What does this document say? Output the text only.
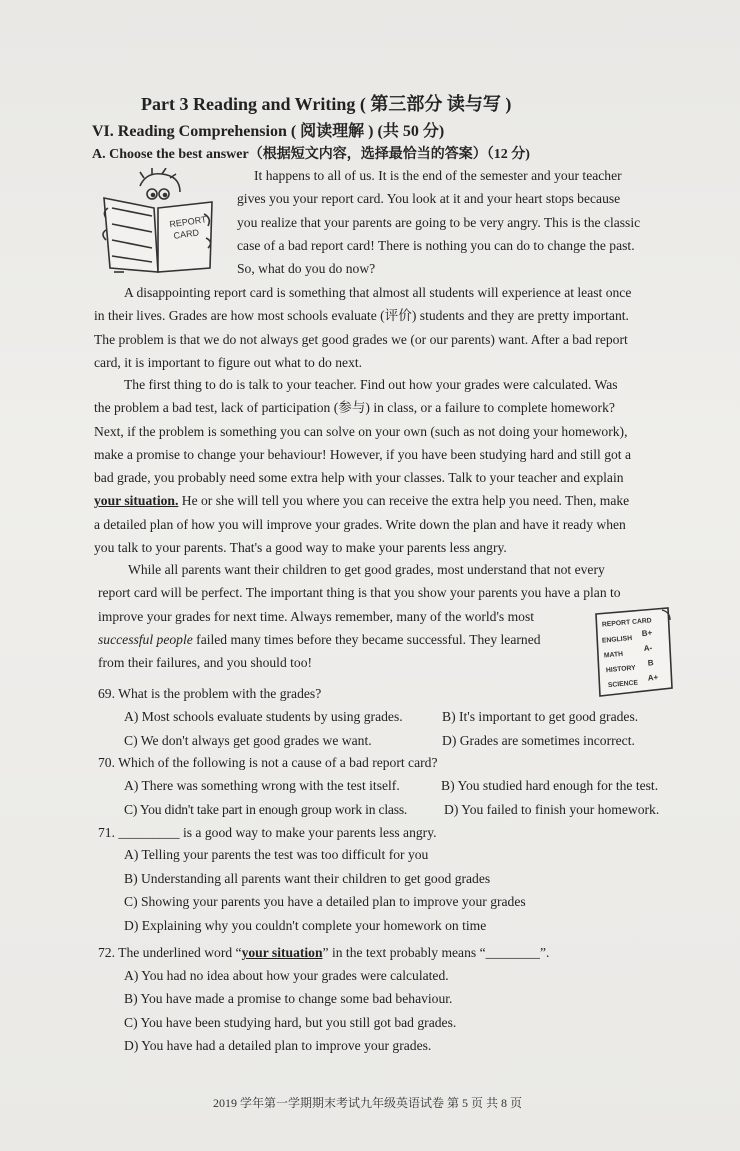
Part 3 Reading and Writing ( 第三部分 读与写 )
VI. Reading Comprehension ( 阅读理解 ) (共 50 分)
A. Choose the best answer（根据短文内容，选择最恰当的答案）（12 分)
REPORT
CARD
It happens to all of us. It is the end of the semester and your teacher
gives you your report card. You look at it and your heart stops because
you realize that your parents are going to be very angry. This is the classic
case of a bad report card! There is nothing you can do to change the past.
So, what do you do now?
A disappointing report card is something that almost all students will experience at least once
in their lives. Grades are how most schools evaluate (评价) students and they are pretty important.
The problem is that we do not always get good grades we (or our parents) want. After a bad report
card, it is important to figure out what to do next.
The first thing to do is talk to your teacher. Find out how your grades were calculated. Was
the problem a bad test, lack of participation (参与) in class, or a failure to complete homework?
Next, if the problem is something you can solve on your own (such as not doing your homework),
make a promise to change your behaviour! However, if you have been studying hard and still got a
bad grade, you probably need some extra help with your classes. Talk to your teacher and explain
your situation. He or she will tell you where you can receive the extra help you need. Then, make
a detailed plan of how you will improve your grades. Write down the plan and have it ready when
you talk to your parents. That's a good way to make your parents less angry.
While all parents want their children to get good grades, most understand that not every
report card will be perfect. The important thing is that you show your parents you have a plan to
improve your grades for next time. Always remember, many of the world's most
successful people failed many times before they became successful. They learned
from their failures, and you should too!
REPORT CARD
ENGLISH
B+
MATH
A-
HISTORY
B
SCIENCE
A+
69. What is the problem with the grades?
A) Most schools evaluate students by using grades.	B) It's important to get good grades.
C) We don't always get good grades we want.	D) Grades are sometimes incorrect.
70. Which of the following is not a cause of a bad report card?
A) There was something wrong with the test itself.	B) You studied hard enough for the test.
C) You didn't take part in enough group work in class.	D) You failed to finish your homework.
71. _________ is a good way to make your parents less angry.
A) Telling your parents the test was too difficult for you
B) Understanding all parents want their children to get good grades
C) Showing your parents you have a detailed plan to improve your grades
D) Explaining why you couldn't complete your homework on time
72. The underlined word “your situation” in the text probably means “________”.
A) You had no idea about how your grades were calculated.
B) You have made a promise to change some bad behaviour.
C) You have been studying hard, but you still got bad grades.
D) You have had a detailed plan to improve your grades.
2019 学年第一学期期末考试九年级英语试卷 第 5 页 共 8 页
